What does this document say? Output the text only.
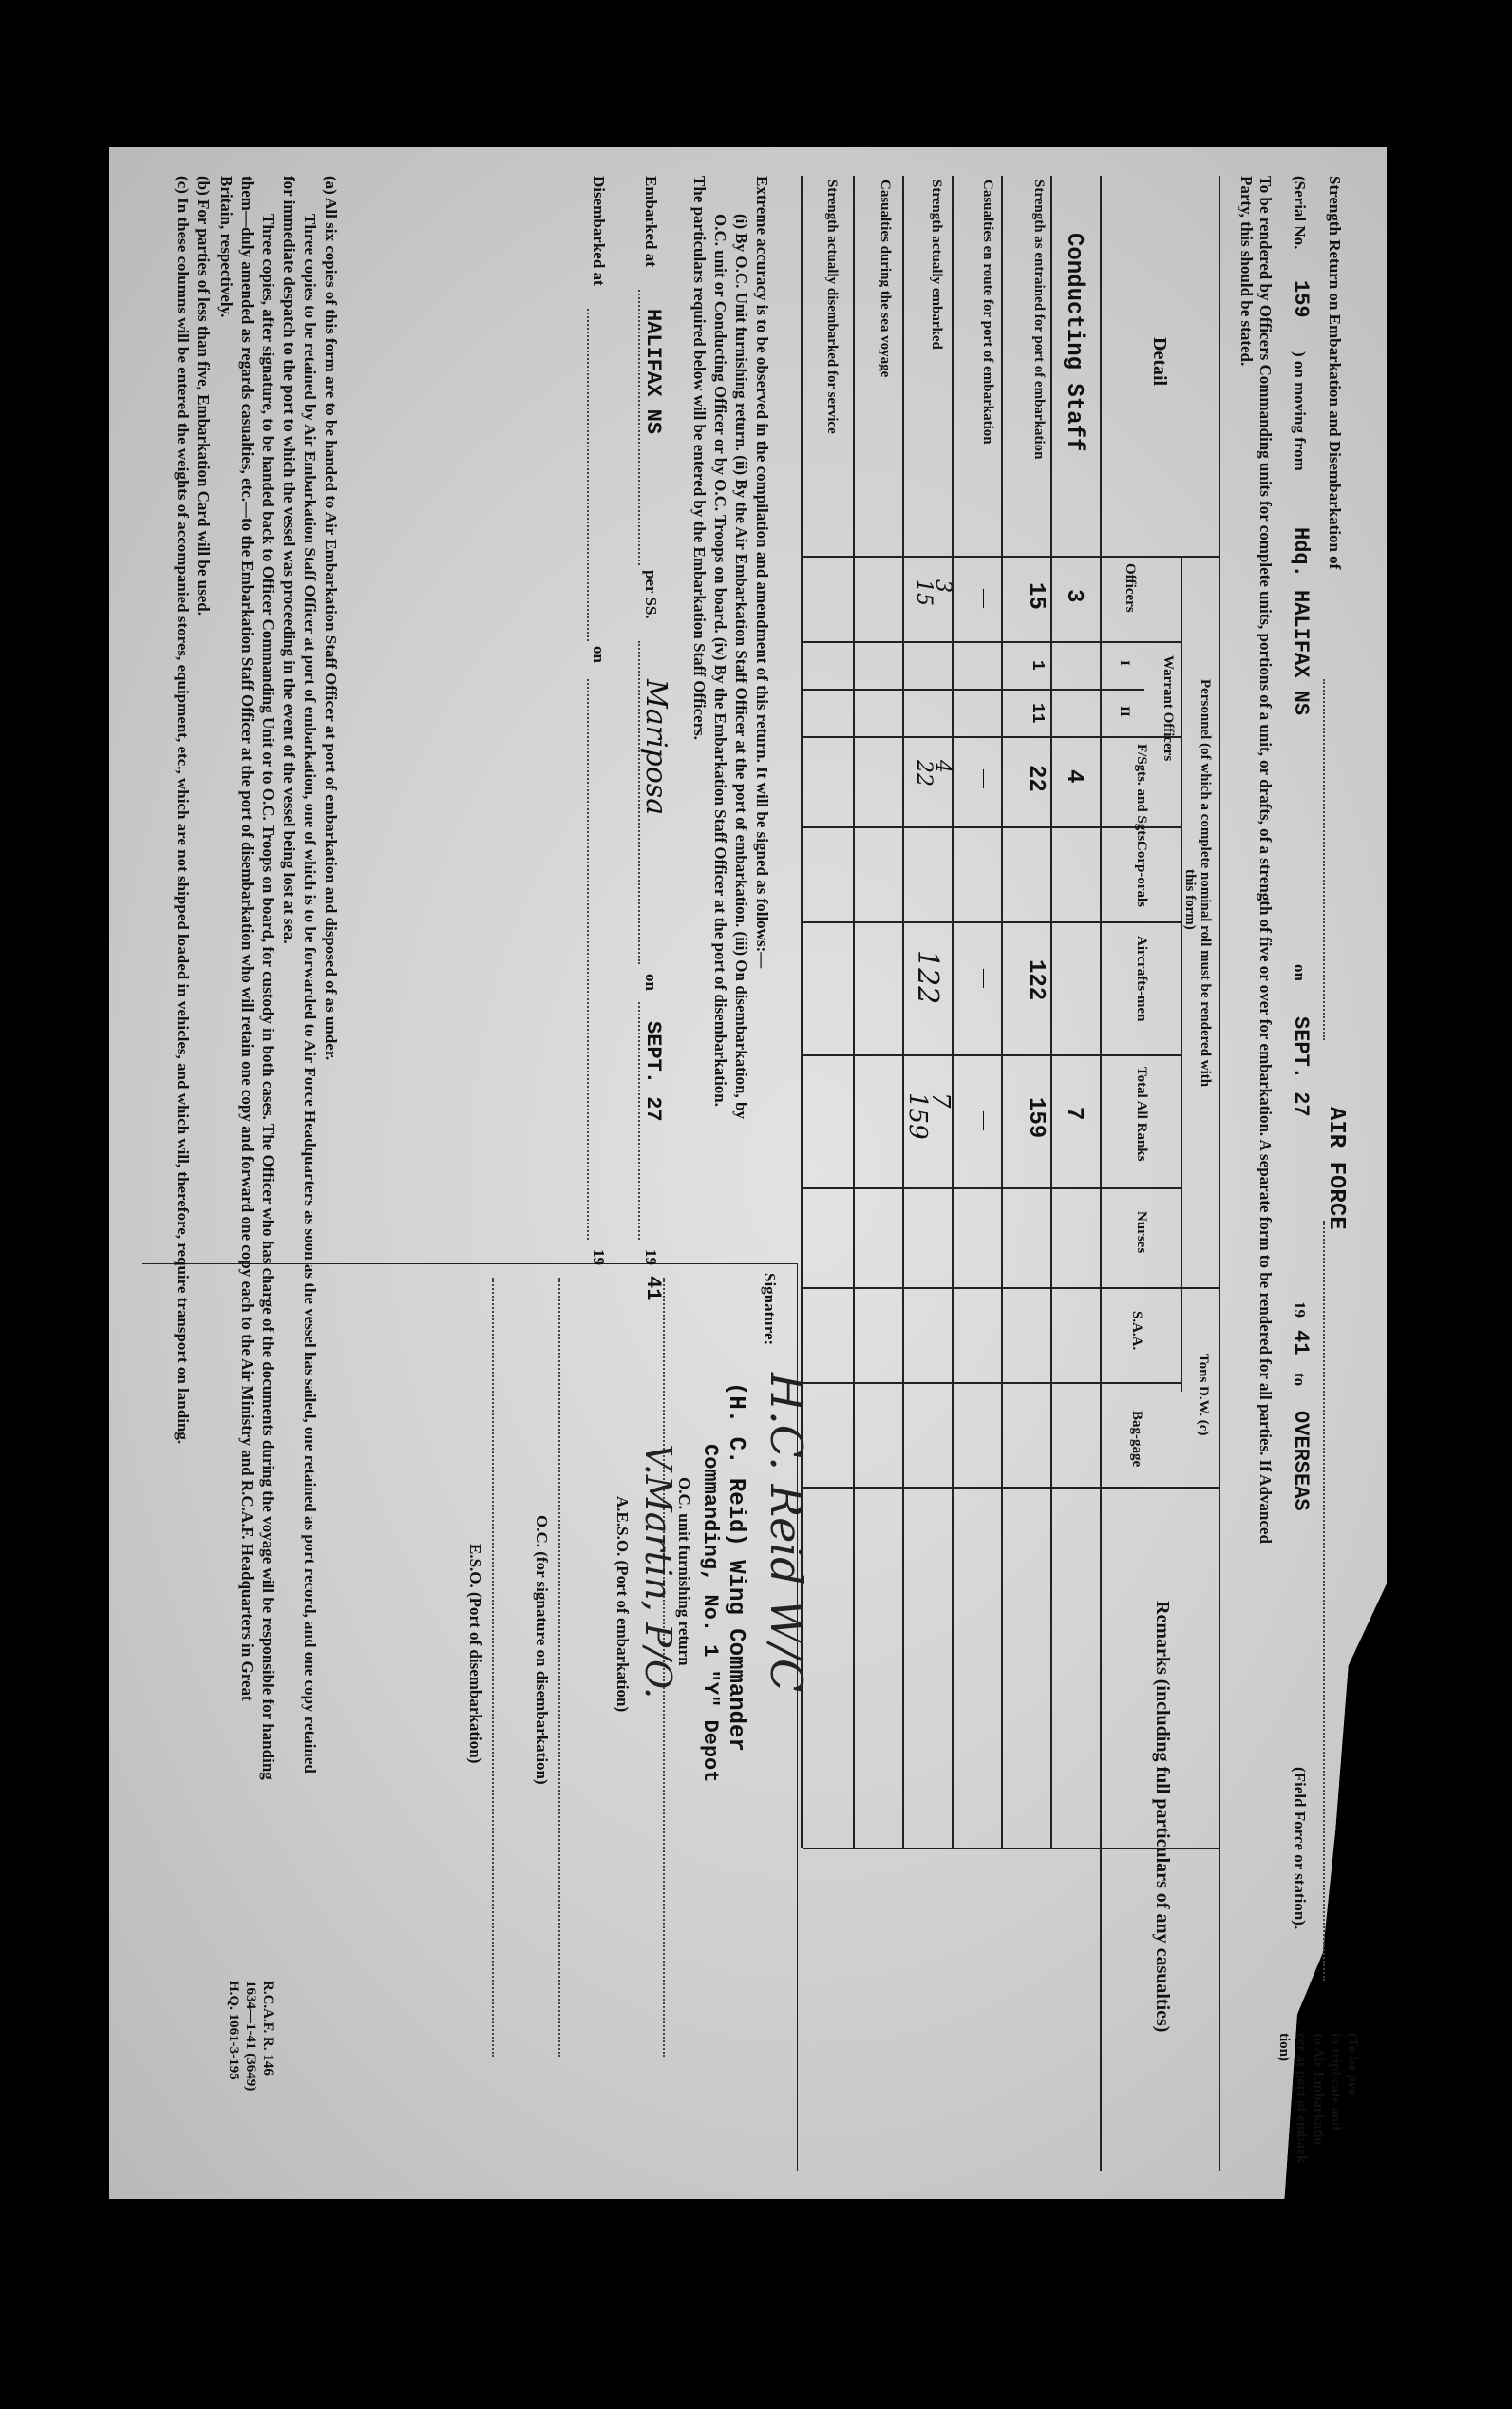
Strength Return on Embarkation and Disembarkation of
AIR FORCE
(To be pre
in triplicate and
to Air Embarkatio
cer at port of embark
tion)
(Serial No.
159
) on moving from
Hdq. HALIFAX NS
on
SEPT. 27
19
41
to
OVERSEAS
(Field Force or station).
To be rendered by Officers Commanding units for complete units, portions of a unit, or drafts, of a strength of five or over for embarkation. A separate form to be rendered for all parties. If Advanced
Party, this should be stated.
Detail
Personnel (of which a complete nominal roll must be rendered with
this form)
Officers
Warrant Officers
I
II
F/Sgts. and Sgts.
Corp-orals
Aircrafts-men
Total All Ranks
Nurses
Tons D.W. (c)
S.A.A.
Bag-gage
Remarks (including full particulars of any casualties)
Conducting Staff
3
4
7
Strength as entrained for port of embarkation
15
1
11
22
122
159
Casualties en route for port of embarkation
—
—
—
—
Strength actually embarked
3
15
4
22
122
7
159
Casualties during the sea voyage
Strength actually disembarked for service
Extreme accuracy is to be observed in the compilation and amendment of this return. It will be signed as follows:—
(i) By O.C. Unit furnishing return. (ii) By the Air Embarkation Staff Officer at the port of embarkation. (iii) On disembarkation, by
O.C. unit or Conducting Officer or by O.C. Troops on board. (iv) By the Embarkation Staff Officer at the port of disembarkation.
The particulars required below will be entered by the Embarkation Staff Officers.
Signature:
H.C. Reid W/C
(H. C. Reid) Wing Commander
Commanding, No. 1 "Y" Depot
O.C. unit furnishing return
V.Martin, P/O.
A.E.S.O. (Port of embarkation)
O.C. (for signature on disembarkation)
E.S.O. (Port of disembarkation)
Embarked at
HALIFAX NS
per SS.
Mariposa
on
SEPT. 27
19
41
Disembarked at
on
19
(a) All six copies of this form are to be handed to Air Embarkation Staff Officer at port of embarkation and disposed of as under.
Three copies to be retained by Air Embarkation Staff Officer at port of embarkation, one of which is to be forwarded to Air Force Headquarters as soon as the vessel has sailed, one retained as port record, and one copy retained
for immediate despatch to the port to which the vessel was proceeding in the event of the vessel being lost at sea.
Three copies, after signature, to be handed back to Officer Commanding Unit or to O.C. Troops on board, for custody in both cases. The Officer who has charge of the documents during the voyage will be responsible for handing
them—duly amended as regards casualties, etc.—to the Embarkation Staff Officer at the port of disembarkation who will retain one copy and forward one copy each to the Air Ministry and R.C.A.F. Headquarters in Great
Britain, respectively.
(b) For parties of less than five, Embarkation Card will be used.
(c) In these columns will be entered the weights of accompanied stores, equipment, etc., which are not shipped loaded in vehicles, and which will, therefore, require transport on landing.
R.C.A.F. R. 146
1634—1-41 (3649)
H.Q. 1061-3-195
